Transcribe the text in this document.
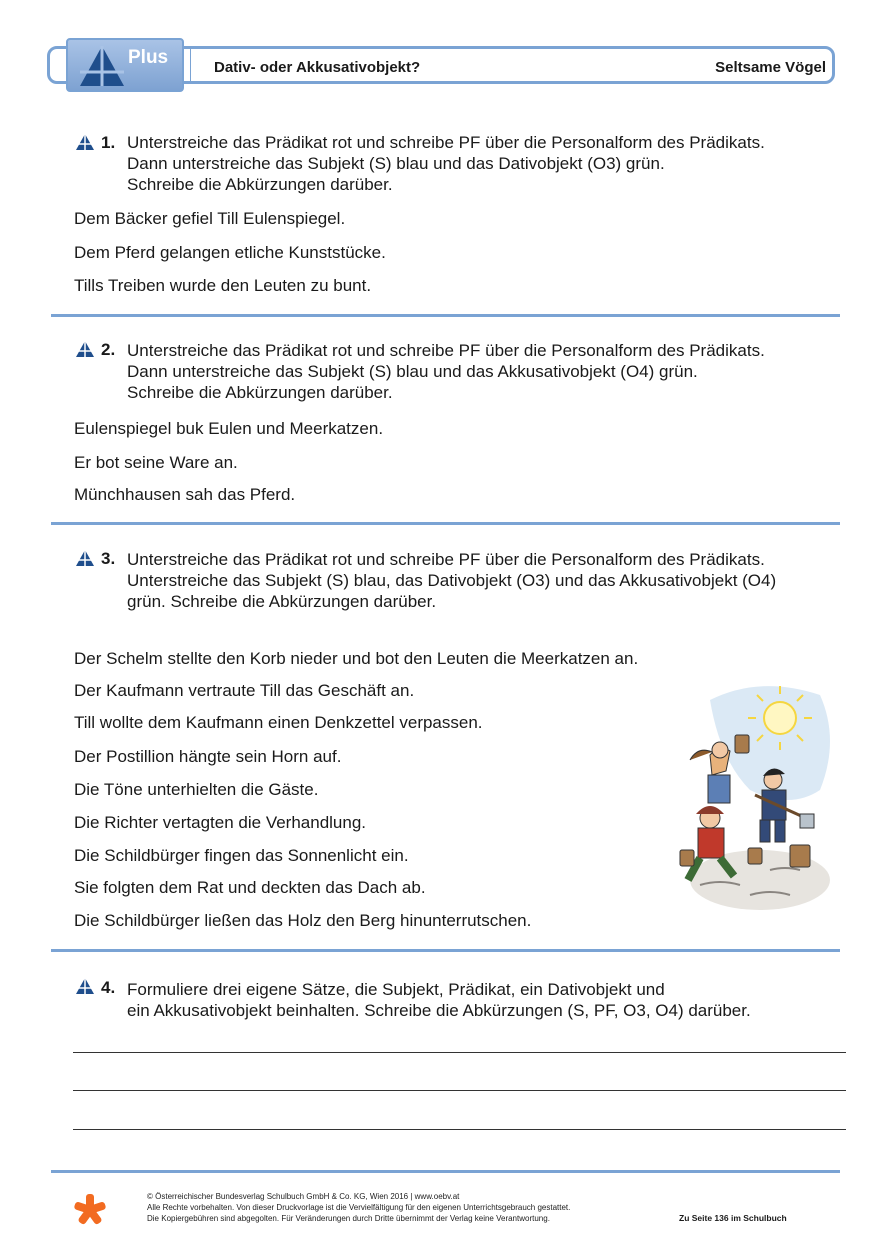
Plus	Dativ- oder Akkusativobjekt?	Seltsame Vögel
1. Unterstreiche das Prädikat rot und schreibe PF über die Personalform des Prädikats.
Dann unterstreiche das Subjekt (S) blau und das Dativobjekt (O3) grün.
Schreibe die Abkürzungen darüber.
Dem Bäcker gefiel Till Eulenspiegel.
Dem Pferd gelangen etliche Kunststücke.
Tills Treiben wurde den Leuten zu bunt.
2. Unterstreiche das Prädikat rot und schreibe PF über die Personalform des Prädikats.
Dann unterstreiche das Subjekt (S) blau und das Akkusativobjekt (O4) grün.
Schreibe die Abkürzungen darüber.
Eulenspiegel buk Eulen und Meerkatzen.
Er bot seine Ware an.
Münchhausen sah das Pferd.
3. Unterstreiche das Prädikat rot und schreibe PF über die Personalform des Prädikats.
Unterstreiche das Subjekt (S) blau, das Dativobjekt (O3) und das Akkusativobjekt (O4)
grün. Schreibe die Abkürzungen darüber.
Der Schelm stellte den Korb nieder und bot den Leuten die Meerkatzen an.
Der Kaufmann vertraute Till das Geschäft an.
Till wollte dem Kaufmann einen Denkzettel verpassen.
Der Postillion hängte sein Horn auf.
Die Töne unterhielten die Gäste.
Die Richter vertagten die Verhandlung.
Die Schildbürger fingen das Sonnenlicht ein.
Sie folgten dem Rat und deckten das Dach ab.
Die Schildbürger ließen das Holz den Berg hinunterrutschen.
4. Formuliere drei eigene Sätze, die Subjekt, Prädikat, ein Dativobjekt und
ein Akkusativobjekt beinhalten. Schreibe die Abkürzungen (S, PF, O3, O4) darüber.
© Österreichischer Bundesverlag Schulbuch GmbH & Co. KG, Wien 2016 | www.oebv.at
Alle Rechte vorbehalten. Von dieser Druckvorlage ist die Vervielfältigung für den eigenen Unterrichtsgebrauch gestattet.
Die Kopiergebühren sind abgegolten. Für Veränderungen durch Dritte übernimmt der Verlag keine Verantwortung.	Zu Seite 136 im Schulbuch
